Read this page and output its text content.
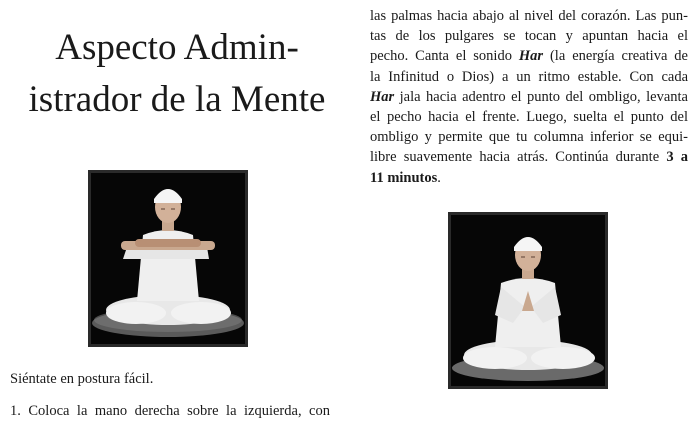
Aspecto Admin-
istrador de la Mente

Siéntate en postura fácil.

1. Coloca la mano derecha sobre la izquierda, con

las palmas hacia abajo al nivel del corazón. Las pun-
tas de los pulgares se tocan y apuntan hacia el
pecho. Canta el sonido Har (la energía creativa de
la Infinitud o Dios) a un ritmo estable. Con cada
Har jala hacia adentro el punto del ombligo, levanta
el pecho hacia el frente. Luego, suelta el punto del
ombligo y permite que tu columna inferior se equi-
libre suavemente hacia atrás. Continúa durante 3 a
11 minutos.
